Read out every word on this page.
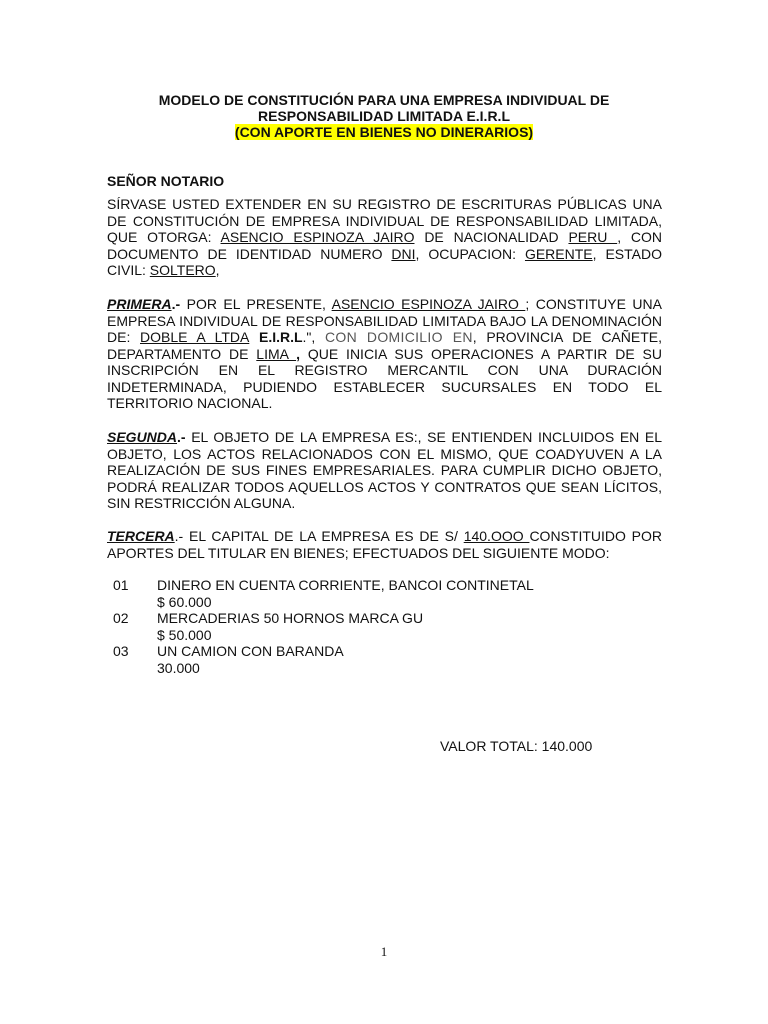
MODELO DE CONSTITUCIÓN PARA UNA EMPRESA INDIVIDUAL DE
RESPONSABILIDAD LIMITADA E.I.R.L
(CON APORTE EN BIENES NO DINERARIOS)
SEÑOR NOTARIO
SÍRVASE USTED EXTENDER EN SU REGISTRO DE ESCRITURAS PÚBLICAS UNA DE CONSTITUCIÓN DE EMPRESA INDIVIDUAL DE RESPONSABILIDAD LIMITADA, QUE OTORGA: ASENCIO ESPINOZA JAIRO DE NACIONALIDAD PERU , CON DOCUMENTO DE IDENTIDAD NUMERO DNI, OCUPACION: GERENTE, ESTADO CIVIL: SOLTERO,
PRIMERA.- POR EL PRESENTE, ASENCIO ESPINOZA JAIRO ; CONSTITUYE UNA EMPRESA INDIVIDUAL DE RESPONSABILIDAD LIMITADA BAJO LA DENOMINACIÓN DE: DOBLE A LTDA E.I.R.L.", CON DOMICILIO EN, PROVINCIA DE CAÑETE, DEPARTAMENTO DE LIMA , QUE INICIA SUS OPERACIONES A PARTIR DE SU INSCRIPCIÓN EN EL REGISTRO MERCANTIL CON UNA DURACIÓN INDETERMINADA, PUDIENDO ESTABLECER SUCURSALES EN TODO EL TERRITORIO NACIONAL.
SEGUNDA.- EL OBJETO DE LA EMPRESA ES:, SE ENTIENDEN INCLUIDOS EN EL OBJETO, LOS ACTOS RELACIONADOS CON EL MISMO, QUE COADYUVEN A LA REALIZACIÓN DE SUS FINES EMPRESARIALES. PARA CUMPLIR DICHO OBJETO, PODRÁ REALIZAR TODOS AQUELLOS ACTOS Y CONTRATOS QUE SEAN LÍCITOS, SIN RESTRICCIÓN ALGUNA.
TERCERA.- EL CAPITAL DE LA EMPRESA ES DE S/ 140.OOO CONSTITUIDO POR APORTES DEL TITULAR EN BIENES; EFECTUADOS DEL SIGUIENTE MODO:
01	DINERO EN CUENTA CORRIENTE, BANCOI CONTINETAL
$ 60.000
02	MERCADERIAS 50 HORNOS MARCA GU
$ 50.000
03	UN CAMION CON BARANDA
30.000
VALOR TOTAL: 140.000
1
